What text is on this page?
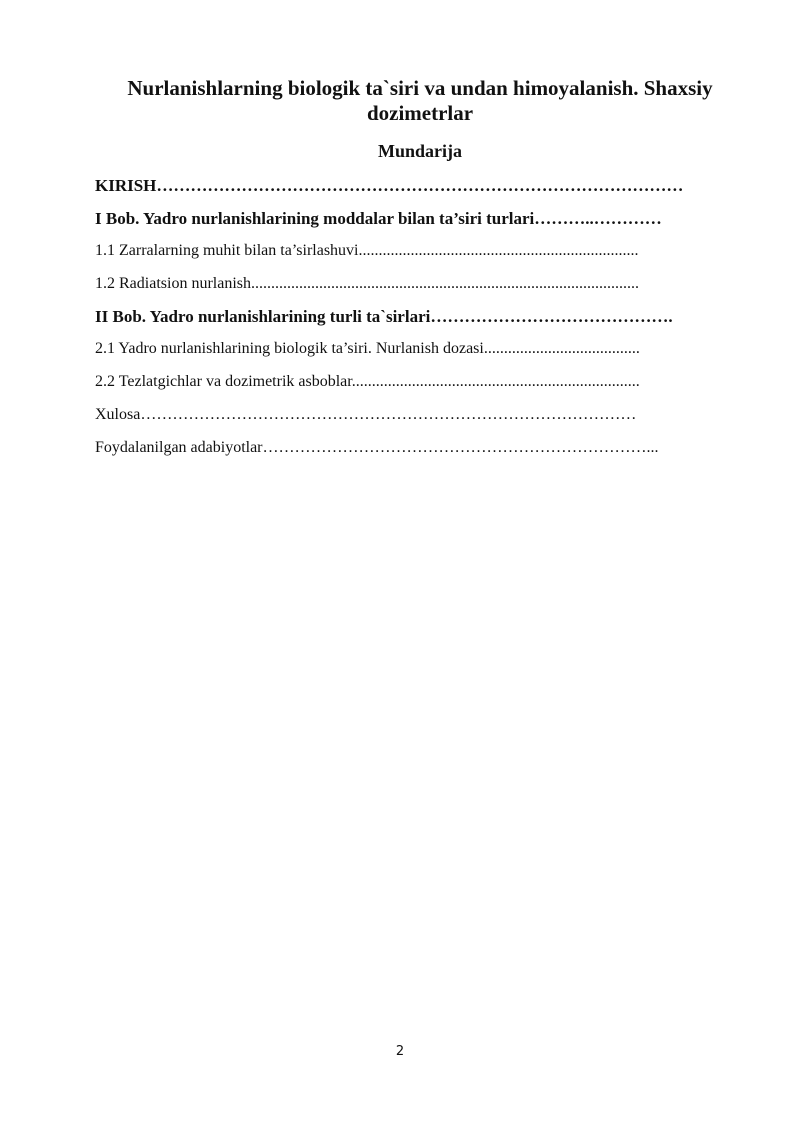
Nurlanishlarning biologik ta`siri va undan himoyalanish. Shaxsiy dozimetrlar
Mundarija
KIRISH…………………………………………………………………………………
I Bob. Yadro nurlanishlarining moddalar bilan ta’siri turlari………..…………
1.1 Zarralarning muhit bilan ta’sirlashuvi......................................................................
1.2 Radiatsion nurlanish.................................................................................................
II Bob. Yadro nurlanishlarining turli ta`sirlari…………………………………….
2.1 Yadro nurlanishlarining biologik ta’siri. Nurlanish dozasi.......................................
2.2 Tezlatgichlar va dozimetrik asboblar........................................................................
Xulosa…………………………………………………………………………………
Foydalanilgan adabiyotlar………………………………………………………………...
2
